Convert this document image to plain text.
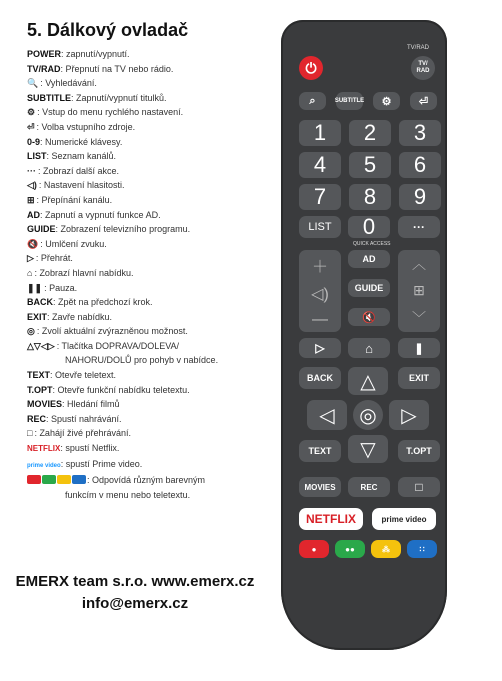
5. Dálkový ovladač
POWER: zapnutí/vypnutí.
TV/RAD: Přepnutí na TV nebo rádio.
🔍 : Vyhledávání.
SUBTITLE: Zapnutí/vypnutí titulků.
⚙ : Vstup do menu rychlého nastavení.
⏎ : Volba vstupního zdroje.
0-9: Numerické klávesy.
LIST: Seznam kanálů.
··· : Zobrazí další akce.
◁) : Nastavení hlasitosti.
⊞ : Přepínání kanálu.
AD: Zapnutí a vypnutí funkce AD.
GUIDE: Zobrazení televizního programu.
🔇 : Umlčení zvuku.
▷ : Přehrát.
⌂ : Zobrazí hlavní nabídku.
❚❚ : Pauza.
BACK: Zpět na předchozí krok.
EXIT: Zavře nabídku.
◎ : Zvolí aktuální zvýrazněnou možnost.
△▽◁▷ : Tlačítka DOPRAVA/DOLEVA/
NAHORU/DOLŮ pro pohyb v nabídce.
TEXT: Otevře teletext.
T.OPT: Otevře funkční nabídku teletextu.
MOVIES: Hledání filmů
REC: Spustí nahrávání.
□ : Zahájí živé přehrávání.
NETFLIX: spustí Netflix.
prime video: spustí Prime video.
: Odpovídá různým barevným
funkcím v menu nebo teletextu.
EMERX team s.r.o. www.emerx.cz
info@emerx.cz
TV/RAD
⏻	TV/
RAD
⌕	SUBTITLE ⚙ ⏎
1	2	3
4	5	6
7	8	9
LIST	0	···
QUICK ACCESS
＋
◁)
—
AD
GUIDE
🔇
︿
⊞
﹀
▷	⌂	❚
BACK	EXIT
△
◁ ◎ ▷
▽
TEXT	T.OPT
MOVIES	REC	□
NETFLIX	prime video
●	●●	⁂	∷
